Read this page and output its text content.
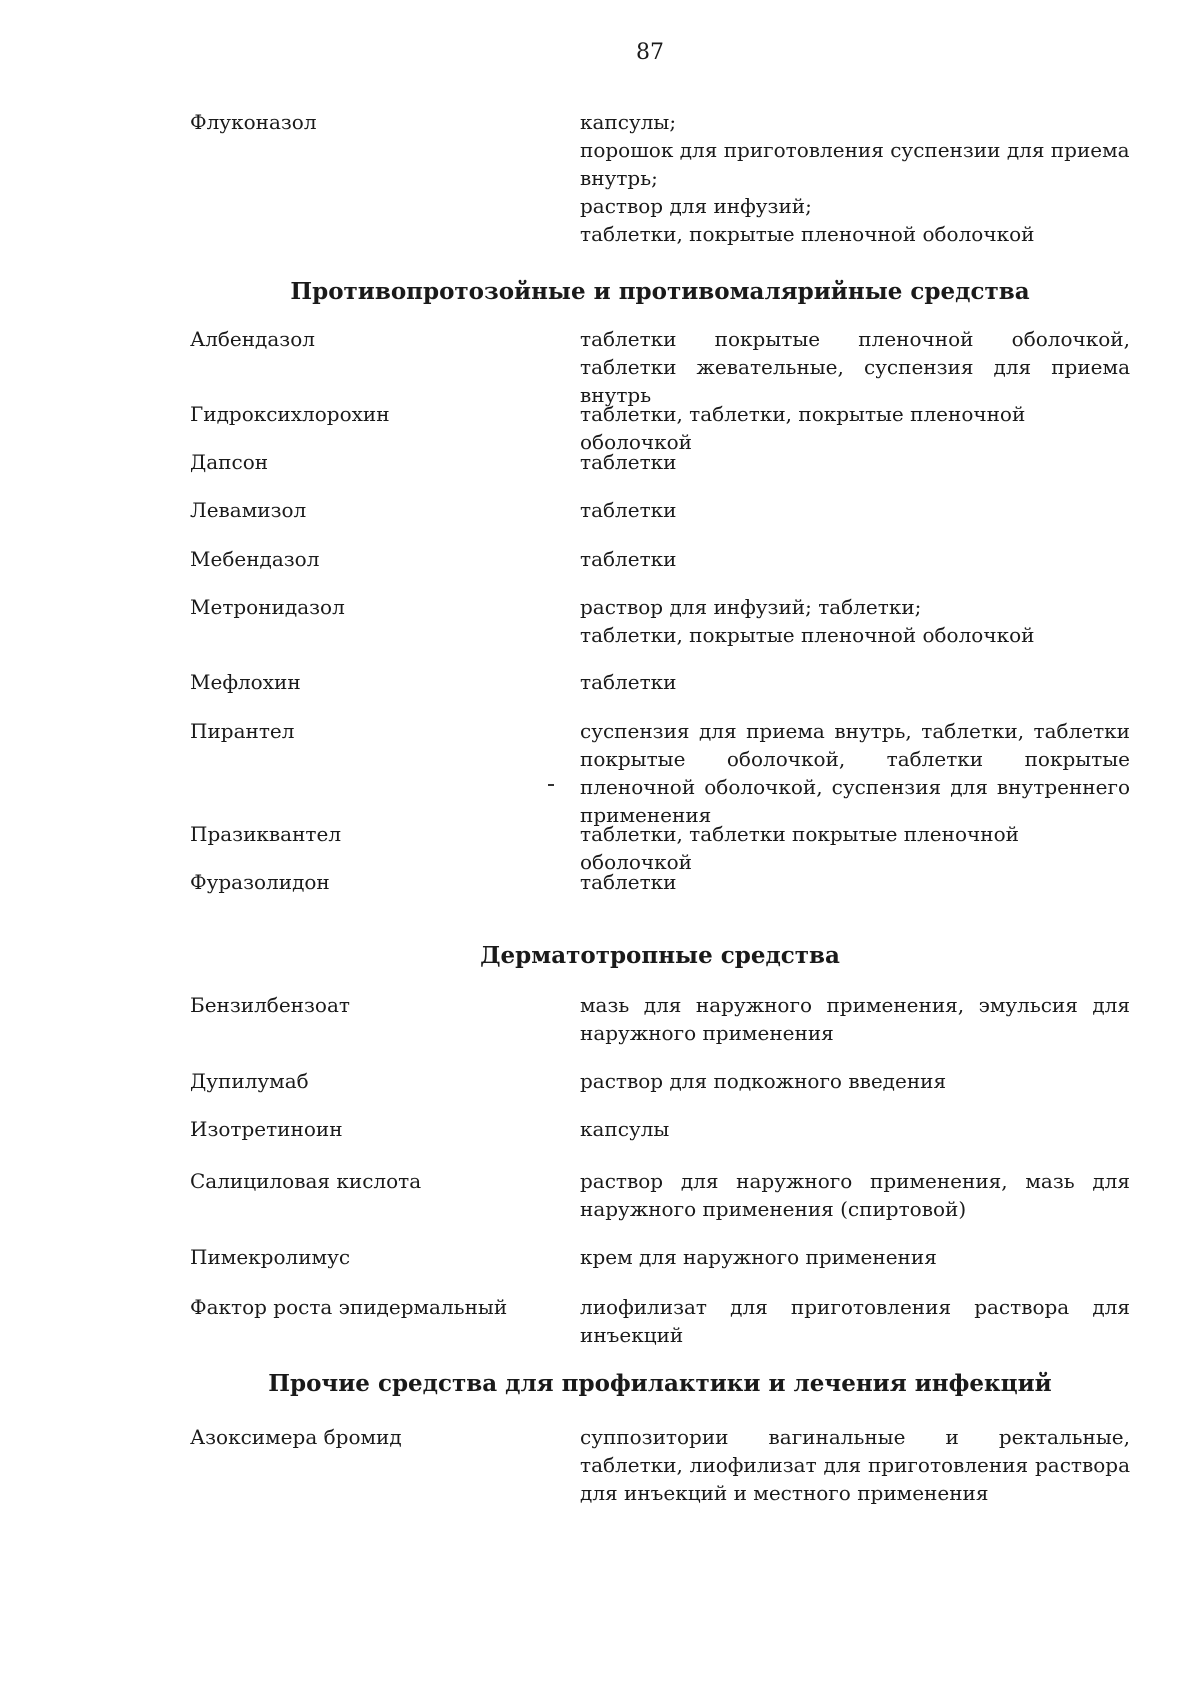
87
Флуконазол	капсулы;
порошок для приготовления суспензии для приема внутрь;
раствор для инфузий;
таблетки, покрытые пленочной оболочкой
Противопротозойные и противомалярийные средства
Албендазол	таблетки покрытые пленочной оболочкой, таблетки жевательные, суспензия для приема внутрь
Гидроксихлорохин	таблетки, таблетки, покрытые пленочной оболочкой
Дапсон	таблетки
Левамизол	таблетки
Мебендазол	таблетки
Метронидазол	раствор для инфузий; таблетки;
таблетки, покрытые пленочной оболочкой
Мефлохин	таблетки
Пирантел	суспензия для приема внутрь, таблетки, таблетки покрытые оболочкой, таблетки покрытые пленочной оболочкой, суспензия для внутреннего применения
Празиквантел	таблетки, таблетки покрытые пленочной оболочкой
Фуразолидон	таблетки
Дерматотропные средства
Бензилбензоат	мазь для наружного применения, эмульсия для наружного применения
Дупилумаб	раствор для подкожного введения
Изотретиноин	капсулы
Салициловая кислота	раствор для наружного применения, мазь для наружного применения (спиртовой)
Пимекролимус	крем для наружного применения
Фактор роста эпидермальный	лиофилизат для приготовления раствора для инъекций
Прочие средства для профилактики и лечения инфекций
Азоксимера бромид	суппозитории вагинальные и ректальные, таблетки, лиофилизат для приготовления раствора для инъекций и местного применения
